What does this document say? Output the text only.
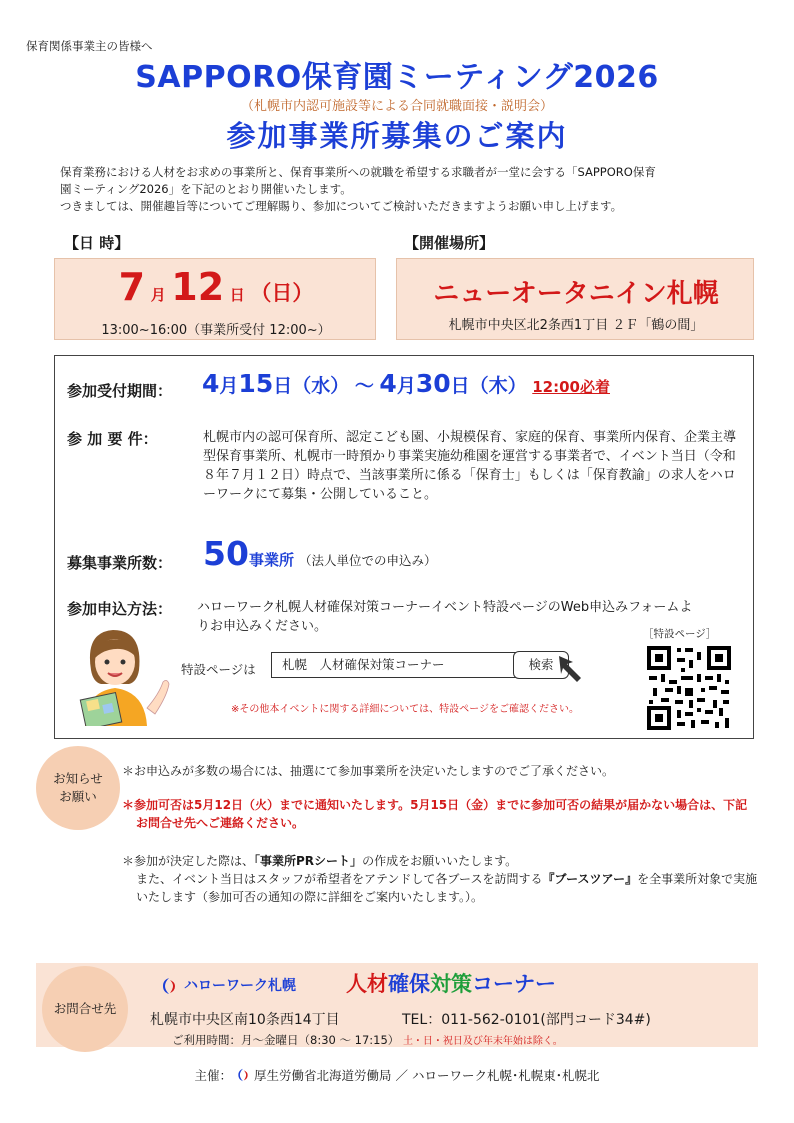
保育関係事業主の皆様へ
SAPPORO保育園ミーティング2026
（札幌市内認可施設等による合同就職面接・説明会）
参加事業所募集のご案内

保育業務における人材をお求めの事業所と、保育事業所への就職を希望する求職者が一堂に会する「SAPPORO保育
園ミーティング2026」を下記のとおり開催いたします。

つきましては、開催趣旨等についてご理解賜り、参加についてご検討いただきますようお願い申し上げます。

【日 時】	【開催場所】
7 月 12 日 （日）
13:00~16:00（事業所受付 12:00~）
ニューオータニイン札幌
札幌市中央区北2条西1丁目 ２Ｆ「鶴の間」
参加受付期間： 4月15日（水） ～ 4月30日（木） 12:00必着
参 加 要 件：	札幌市内の認可保育所、認定こども園、小規模保育、家庭的保育、事業所内保育、企業主導型保育事業所、札幌市一時預かり事業実施幼稚園を運営する事業者で、イベント当日（令和８年７月１２日）時点で、当該事業所に係る「保育士」もしくは「保育教諭」の求人をハローワークにて募集・公開していること。
募集事業所数： 50事業所 （法人単位での申込み）
参加申込方法： ハローワーク札幌人材確保対策コーナーイベント特設ページのWeb申込みフォームよりお申込みください。
特設ページは	札幌　人材確保対策コーナー	検索
※その他本イベントに関する詳細については、特設ページをご確認ください。
［特設ページ］
お知らせ
お願い
＊お申込みが多数の場合には、抽選にて参加事業所を決定いたしますのでご了承ください。
＊参加可否は5月12日（火）までに通知いたします。5月15日（金）までに参加可否の結果が届かない場合は、下記お問合せ先へご連絡ください。
＊参加が決定した際は、「事業所PRシート」の作成をお願いいたします。
また、イベント当日はスタッフが希望者をアテンドして各ブースを訪問する『ブースツアー』を全事業所対象で実施いたします（参加可否の通知の際に詳細をご案内いたします。）。
お問合せ先
ハローワーク札幌 人材確保対策コーナー
札幌市中央区南10条西14丁目	TEL：011-562-0101(部門コード34#)
ご利用時間：月～金曜日（8:30 ～ 17:15） 土・日・祝日及び年末年始は除く。
主催： 厚生労働省北海道労働局 ／ ハローワーク札幌･札幌東･札幌北
